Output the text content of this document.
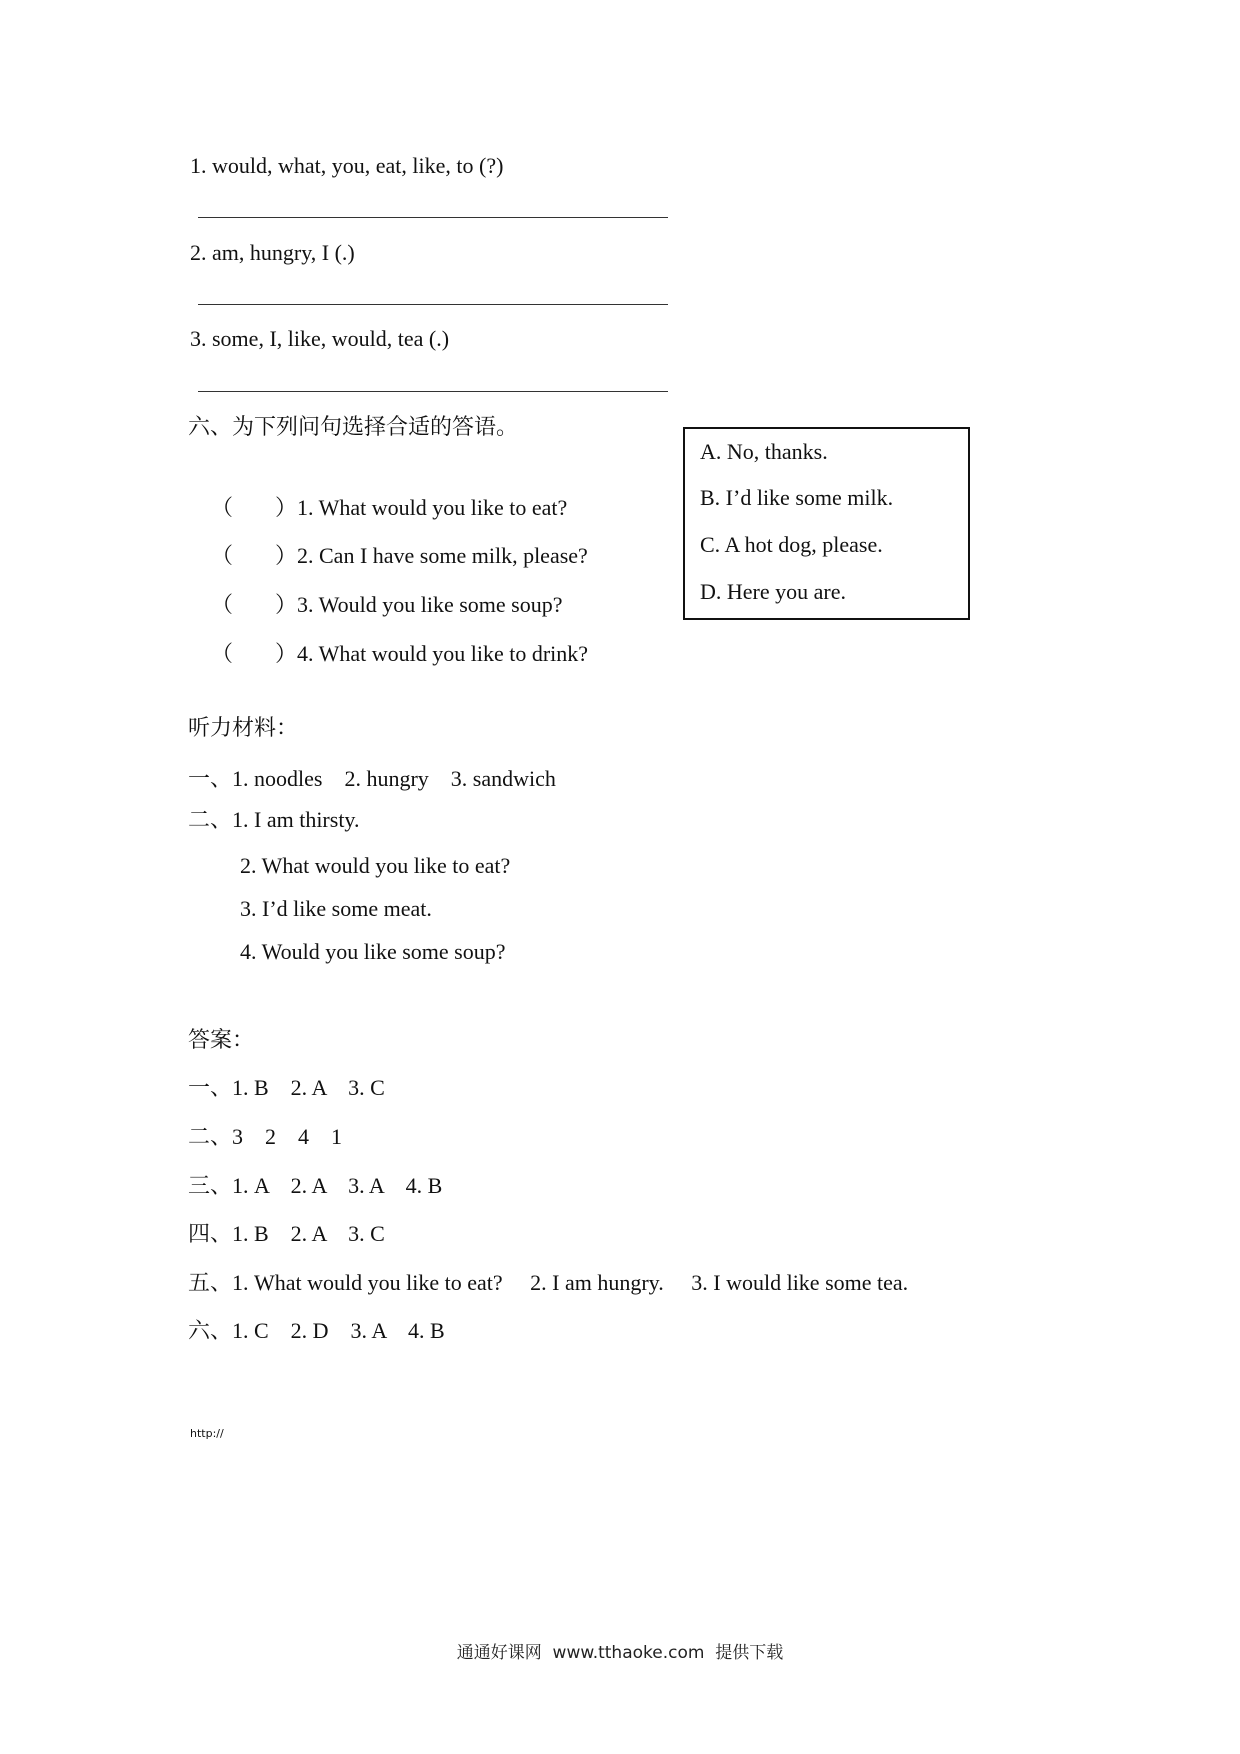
1. would, what, you, eat, like, to (?)
2. am, hungry, I (.)
3. some, I, like, would, tea (.)
六、为下列问句选择合适的答语。

（ ）1. What would you like to eat?

（ ）2. Can I have some milk, please?

（ ）3. Would you like some soup?

（ ）4. What would you like to drink?

A. No, thanks.
B. I’d like some milk.
C. A hot dog, please.
D. Here you are.
听力材料：
一、1. noodles    2. hungry    3. sandwich
二、1. I am thirsty.
2. What would you like to eat?
3. I’d like some meat.
4. Would you like some soup?
答案：
一、1. B    2. A    3. C
二、3    2    4    1
三、1. A    2. A    3. A    4. B
四、1. B    2. A    3. C
五、1. What would you like to eat?     2. I am hungry.     3. I would like some tea.
六、1. C    2. D    3. A    4. B
http://
通通好课网  www.tthaoke.com  提供下载
